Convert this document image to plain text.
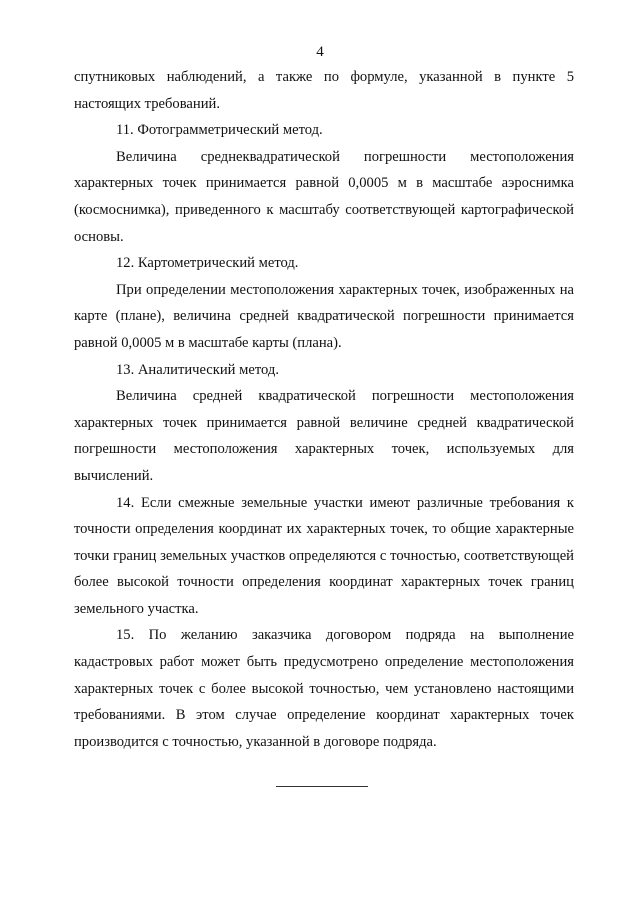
4

спутниковых наблюдений, а также по формуле, указанной в пункте 5 настоящих требований.

11. Фотограмметрический метод.

Величина среднеквадратической погрешности местоположения характерных точек принимается равной 0,0005 м в масштабе аэроснимка (космоснимка), приведенного к масштабу соответствующей картографической основы.

12. Картометрический метод.

При определении местоположения характерных точек, изображенных на карте (плане), величина средней квадратической погрешности принимается равной 0,0005 м в масштабе карты (плана).

13. Аналитический метод.

Величина средней квадратической погрешности местоположения характерных точек принимается равной величине средней квадратической погрешности местоположения характерных точек, используемых для вычислений.

14. Если смежные земельные участки имеют различные требования к точности определения координат их характерных точек, то общие характерные точки границ земельных участков определяются с точностью, соответствующей более высокой точности определения координат характерных точек границ земельного участка.

15. По желанию заказчика договором подряда на выполнение кадастровых работ может быть предусмотрено определение местоположения характерных точек с более высокой точностью, чем установлено настоящими требованиями. В этом случае определение координат характерных точек производится с точностью, указанной в договоре подряда.
